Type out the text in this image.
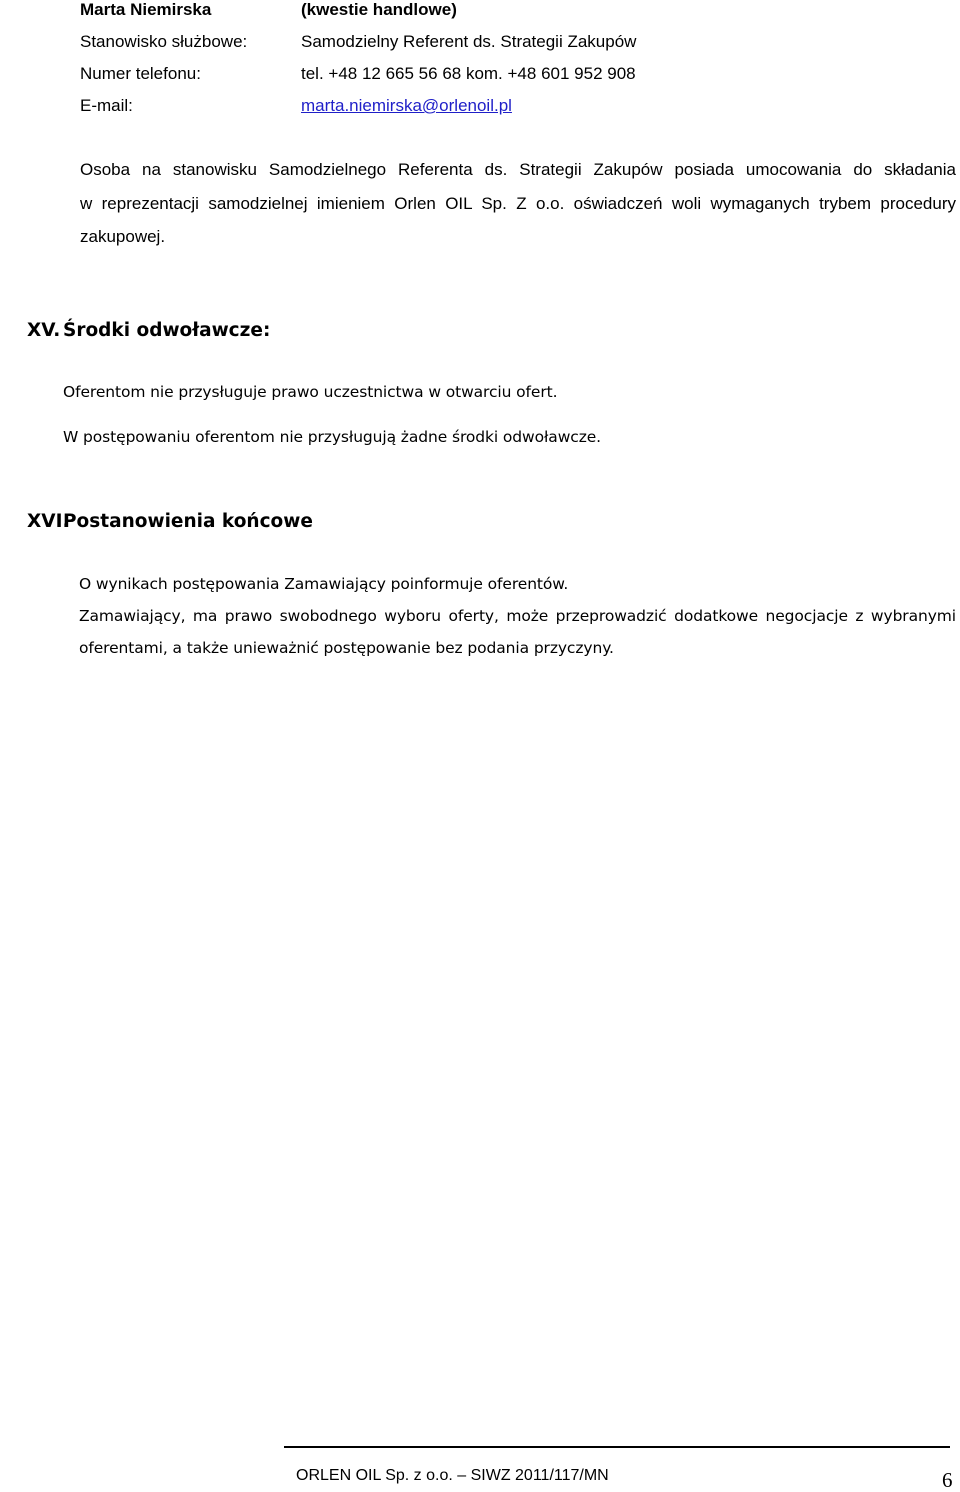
Marta Niemirska	(kwestie handlowe)
Stanowisko służbowe:	Samodzielny Referent ds. Strategii Zakupów
Numer telefonu:	tel. +48 12 665 56 68 kom. +48 601 952 908
E-mail:	marta.niemirska@orlenoil.pl
Osoba na stanowisku Samodzielnego Referenta ds. Strategii Zakupów posiada umocowania do składania
w reprezentacji samodzielnej imieniem Orlen OIL Sp. Z o.o. oświadczeń woli wymaganych trybem procedury
zakupowej.
XV. Środki odwoławcze:
Oferentom nie przysługuje prawo uczestnictwa w otwarciu ofert.
W postępowaniu oferentom nie przysługują żadne środki odwoławcze.
XVI.
Postanowienia końcowe
O wynikach postępowania Zamawiający poinformuje oferentów.
Zamawiający, ma prawo swobodnego wyboru oferty, może przeprowadzić dodatkowe negocjacje z wybranymi
oferentami, a także unieważnić postępowanie bez podania przyczyny.
ORLEN OIL Sp. z o.o. – SIWZ 2011/117/MN	6
